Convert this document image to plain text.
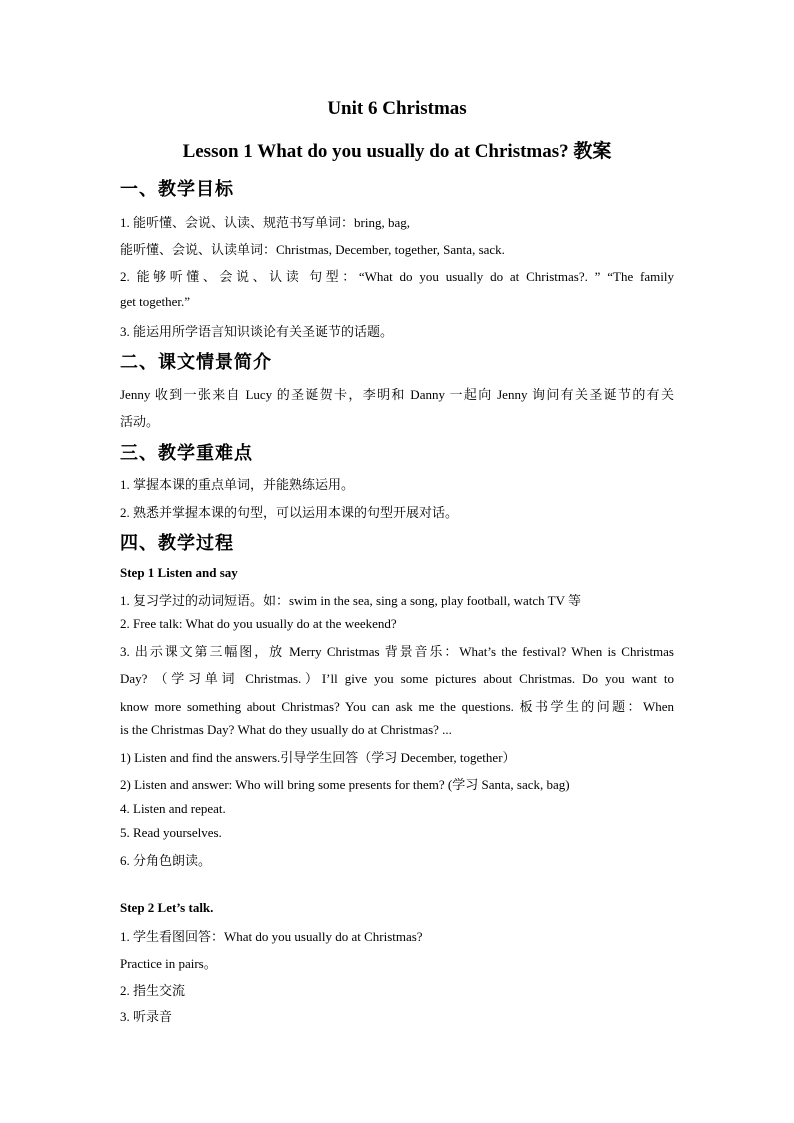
Unit 6 Christmas
Lesson 1 What do you usually do at Christmas? 教案
一、教学目标
1. 能听懂、会说、认读、规范书写单词：bring, bag,
能听懂、会说、认读单词：Christmas, December, together, Santa, sack.
2. 能够听懂、会说、认读 句型：“What do you usually do at Christmas?. ” “The family
get together.”
3. 能运用所学语言知识谈论有关圣诞节的话题。
二、课文情景简介
Jenny 收到一张来自 Lucy 的圣诞贺卡，李明和 Danny 一起向 Jenny 询问有关圣诞节的有关
活动。
三、教学重难点
1. 掌握本课的重点单词，并能熟练运用。
2. 熟悉并掌握本课的句型，可以运用本课的句型开展对话。
四、教学过程
Step 1 Listen and say
1. 复习学过的动词短语。如：swim in the sea, sing a song, play football, watch TV 等
2. Free talk: What do you usually do at the weekend?
3. 出示课文第三幅图，放 Merry Christmas 背景音乐：What’s the festival? When is Christmas
Day? （学习单词 Christmas.）I’ll give you some pictures about Christmas. Do you want to
know more something about Christmas? You can ask me the questions. 板书学生的问题：When
is the Christmas Day? What do they usually do at Christmas? ...
1) Listen and find the answers.引导学生回答（学习 December, together）
2) Listen and answer: Who will bring some presents for them? (学习 Santa, sack, bag)
4. Listen and repeat.
5. Read yourselves.
6. 分角色朗读。
Step 2 Let’s talk.
1. 学生看图回答：What do you usually do at Christmas?
Practice in pairs。
2. 指生交流
3. 听录音
